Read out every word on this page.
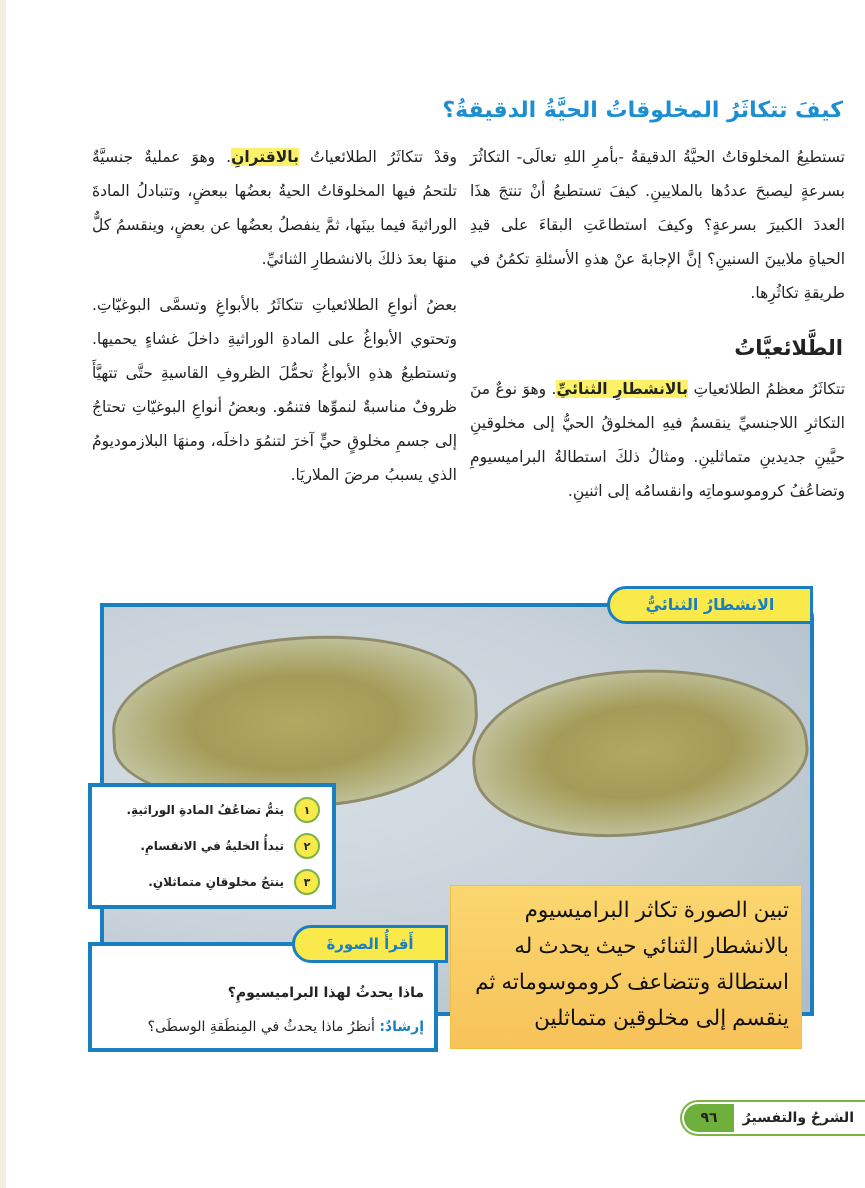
كيفَ تتكاثَرُ المخلوقاتُ الحيَّةُ الدقيقةُ؟

تستطيعُ المخلوقاتُ الحيَّةُ الدقيقةُ -بأمرِ اللهِ تعالَى- التكاثُرَ بسرعةٍ ليصبحَ عددُها بالملايينِ. كيفَ تستطيعُ أنْ تنتجَ هذَا العددَ الكبيرَ بسرعةٍ؟ وكيفَ استطاعَتِ البقاءَ على قيدِ الحياةِ ملايينَ السنينِ؟ إنَّ الإجابةَ عنْ هذهِ الأسئلةِ تكمُنُ في طريقةِ تكاثُرِها.

الطَّلائعيَّاتُ

تتكاثَرُ معظمُ الطلائعياتِ بالانشطارِ الثنائيِّ. وهوَ نوعٌ منَ التكاثرِ اللاجنسيِّ ينقسمُ فيهِ المخلوقُ الحيُّ إلى مخلوقينِ حيَّينِ جديدينِ متماثلينِ. ومثالُ ذلكَ استطالةُ البراميسيومِ وتضاعُفُ كروموسوماتِه وانقسامُه إلى اثنينِ.

وقدْ تتكاثَرُ الطلائعياتُ بالاقترانِ. وهوَ عمليةٌ جنسيَّةٌ تلتحمُ فيها المخلوقاتُ الحيةُ بعضُها ببعضٍ، وتتبادلُ المادةَ الوراثيةَ فيما بينَها، ثمَّ ينفصلُ بعضُها عن بعضٍ، وينقسمُ كلٌّ منهَا بعدَ ذلكَ بالانشطارِ الثنائيِّ.

بعضُ أنواعِ الطلائعياتِ تتكاثَرُ بالأبواغِ وتسمَّى البوغيّاتِ. وتحتوي الأبواغُ على المادةِ الوراثيةِ داخلَ غشاءٍ يحميها. وتستطيعُ هذهِ الأبواغُ تحمُّلَ الظروفِ القاسيةِ حتَّى تتهيَّأَ ظروفٌ مناسبةٌ لنموِّها فتنمُو. وبعضُ أنواعِ البوغيّاتِ تحتاجُ إلى جسمِ مخلوقٍ حيٍّ آخرَ لتنمُوَ داخلَه، ومنهَا البلازموديومُ الذي يسببُ مرضَ الملاريَا.

الانشطارُ الثنائيُّ
١
يتمُّ تضاعُفُ المادةِ الوراثيةِ.
٢
تبدأُ الخليةُ في الانقسامِ.
٣
ينتجُ مخلوقانِ متماثلانِ.
ماذا يحدثُ لهذا البراميسيومِ؟
إرشادٌ: أنظرُ ماذا يحدثُ في المِنطَقةِ الوسطَى؟
أَقرأُ الصورةَ
تبين الصورة تكاثر البراميسيوم بالانشطار الثنائي حيث يحدث له استطالة وتتضاعف كروموسوماته ثم ينقسم إلى مخلوقين متماثلين
الشرحُ والتفسيرُ
٩٦
